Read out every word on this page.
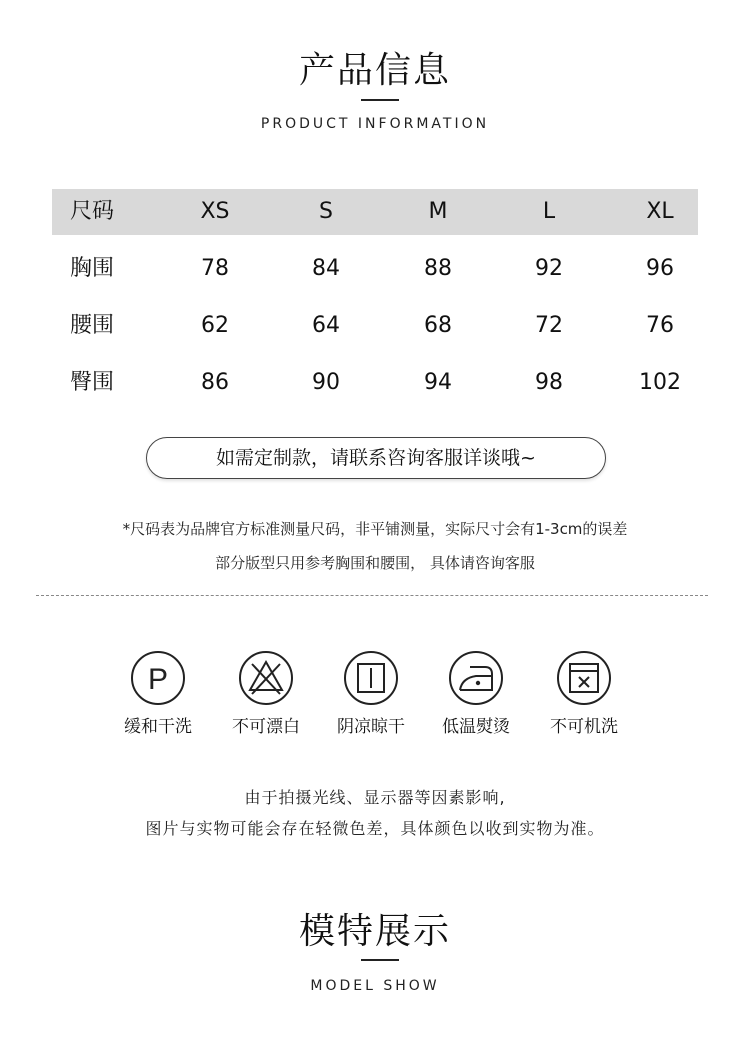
产品信息
PRODUCT INFORMATION
尺码	XS	S	M	L	XL
胸围	78	84	88	92	96
腰围	62	64	68	72	76
臀围	86	90	94	98	102
如需定制款，请联系咨询客服详谈哦~
*尺码表为品牌官方标准测量尺码，非平铺测量，实际尺寸会有1-3cm的误差
部分版型只用参考胸围和腰围， 具体请咨询客服
P
缓和干洗	不可漂白	阴凉晾干	低温熨烫	不可机洗
由于拍摄光线、显示器等因素影响,
图片与实物可能会存在轻微色差，具体颜色以收到实物为准。
模特展示
MODEL SHOW
